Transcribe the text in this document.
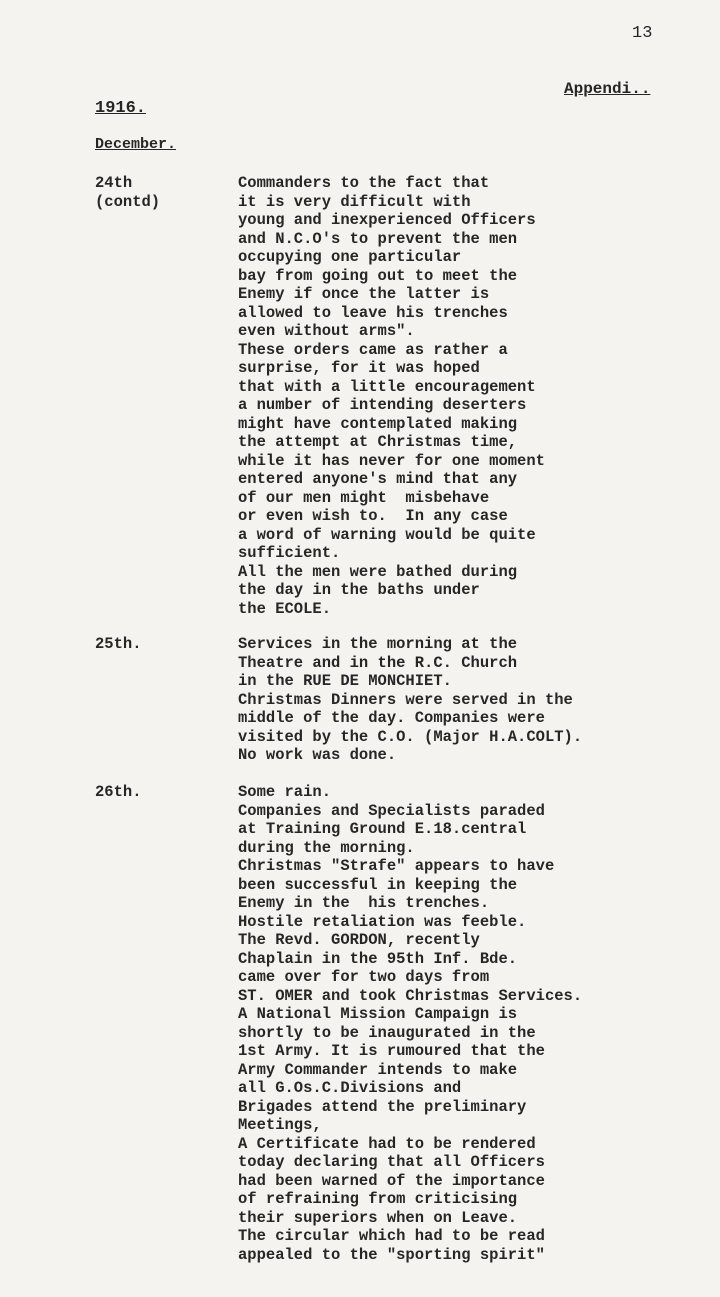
13
Appendi..
1916.
December.
24th
(contd)
Commanders to the fact that
it is very difficult with
young and inexperienced Officers
and N.C.O's to prevent the men
occupying one particular
bay from going out to meet the
Enemy if once the latter is
allowed to leave his trenches
even without arms".
These orders came as rather a
surprise, for it was hoped
that with a little encouragement
a number of intending deserters
might have contemplated making
the attempt at Christmas time,
while it has never for one moment
entered anyone's mind that any
of our men might  misbehave
or even wish to.  In any case
a word of warning would be quite
sufficient.
All the men were bathed during
the day in the baths under
the ECOLE.
25th.	Services in the morning at the
Theatre and in the R.C. Church
in the RUE DE MONCHIET.
Christmas Dinners were served in the
middle of the day. Companies were
visited by the C.O. (Major H.A.COLT).
No work was done.
26th.	Some rain.
Companies and Specialists paraded
at Training Ground E.18.central
during the morning.
Christmas "Strafe" appears to have
been successful in keeping the
Enemy in the  his trenches.
Hostile retaliation was feeble.
The Revd. GORDON, recently
Chaplain in the 95th Inf. Bde.
came over for two days from
ST. OMER and took Christmas Services.
A National Mission Campaign is
shortly to be inaugurated in the
1st Army. It is rumoured that the
Army Commander intends to make
all G.Os.C.Divisions and
Brigades attend the preliminary
Meetings,
A Certificate had to be rendered
today declaring that all Officers
had been warned of the importance
of refraining from criticising
their superiors when on Leave.
The circular which had to be read
appealed to the "sporting spirit"
